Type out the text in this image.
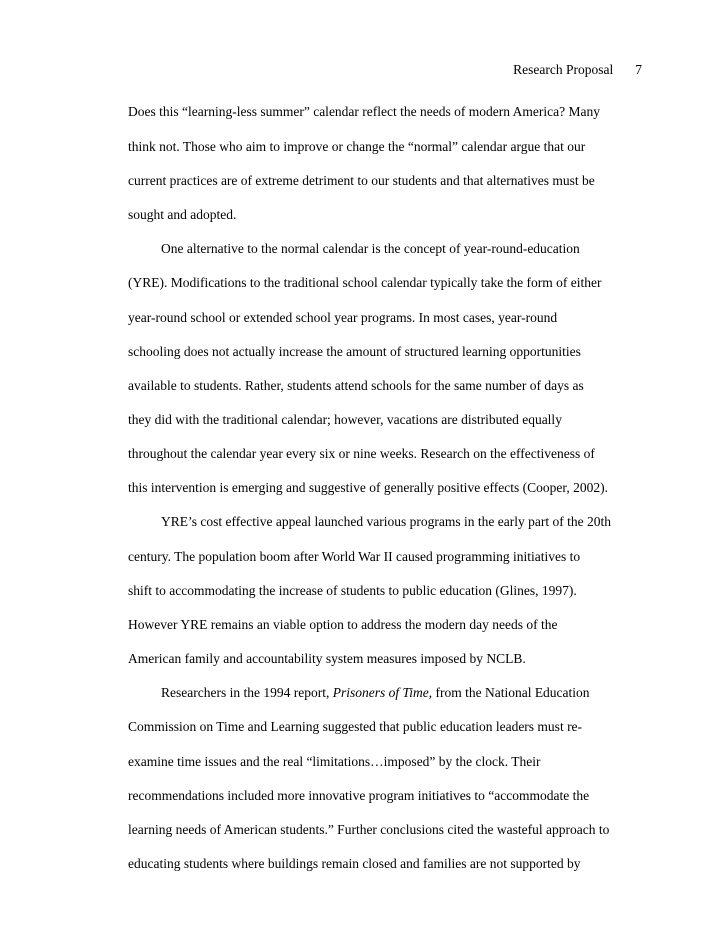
Research Proposal 7
Does this “learning-less summer” calendar reflect the needs of modern America? Many
think not. Those who aim to improve or change the “normal” calendar argue that our
current practices are of extreme detriment to our students and that alternatives must be
sought and adopted.
One alternative to the normal calendar is the concept of year-round-education
(YRE). Modifications to the traditional school calendar typically take the form of either
year-round school or extended school year programs. In most cases, year-round
schooling does not actually increase the amount of structured learning opportunities
available to students. Rather, students attend schools for the same number of days as
they did with the traditional calendar; however, vacations are distributed equally
throughout the calendar year every six or nine weeks. Research on the effectiveness of
this intervention is emerging and suggestive of generally positive effects (Cooper, 2002).
YRE’s cost effective appeal launched various programs in the early part of the 20th
century. The population boom after World War II caused programming initiatives to
shift to accommodating the increase of students to public education (Glines, 1997).
However YRE remains an viable option to address the modern day needs of the
American family and accountability system measures imposed by NCLB.
Researchers in the 1994 report, Prisoners of Time, from the National Education
Commission on Time and Learning suggested that public education leaders must re-
examine time issues and the real “limitations…imposed” by the clock. Their
recommendations included more innovative program initiatives to “accommodate the
learning needs of American students.” Further conclusions cited the wasteful approach to
educating students where buildings remain closed and families are not supported by
